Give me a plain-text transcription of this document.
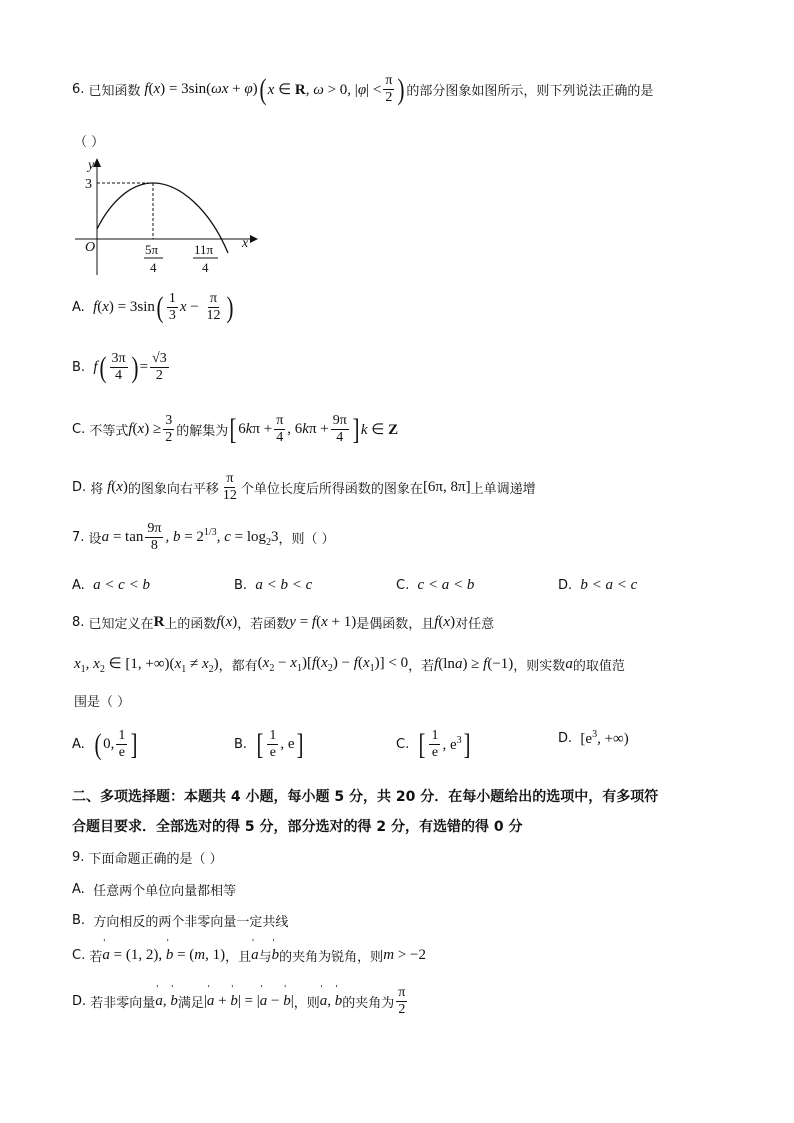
6.
已知函数 f(x) = 3sin(ωx + φ) ( x ∈ R, ω > 0, $|\varphi| < \frac{\pi}{2}$ ) 的部分图象如图所示，则下列说法正确的是
（ ）
y
x
O
3
5π
4
11π
4
A.
f(x) = 3sin ( $\frac{1}{3}$ $x - \frac{\pi}{12}$ )
B.
f ( $\frac{3\pi}{4}$ ) = $\frac{√3}{2}$
C.
不等式 $f(x) \ge \frac{3}{2}$ 的解集为 [ $6k\pi + \frac{\pi}{4}$ , $6k\pi + \frac{9\pi}{4}$ ] k ∈ Z
D.
将 f(x) 的图象向右平移 $\frac{\pi}{12}$ 个单位长度后所得函数的图象在 [6π, 8π] 上单调递增
7.
设 $a = \tan \frac{9\pi}{8}$ , $b = 2^{1/3}$, $c = \log_23$ ，则（ ）
A.
a < c < b	B.
a < b < c	C.
c < a < b	D.
b < a < c
8.
已知定义在 R 上的函数 f(x) ，若函数 y = f(x + 1) 是偶函数，且 f(x) 对任意
$x_1$, $x_2$ ∈ [1, $+\infty)(x_1 \ne x_2)$ ，都有 $(x_2 - x_1)[f(x_2) - f(x_1)] < 0$ ，若 f(lna) ≥ f(−1) ，则实数 a 的取值范
围是（ ）
A.
( 0, $\frac{1}{e}$ ]	B.
[ $\frac{1}{e}$ , e ]	C.
[ $\frac{1}{e}$ , $e^3$ ]	D.
[$e^3$, +∞)
二、多项选择题：本题共 4 小题，每小题 5 分，共 20 分．在每小题给出的选项中，有多项符
合题目要求．全部选对的得 5 分，部分选对的得 2 分，有选错的得 0 分
9.
下面命题正确的是（ ）
A.
任意两个单位向量都相等
B.
方向相反的两个非零向量一定共线
C.
若 ' a = (1, 2), ' b = (m, 1) ，且 ' a 与 ' b 的夹角为锐角，则 m > −2
D.
若非零向量 ' a, ' b 满足 |' a + ' b| = |' a − ' b| ，则 ' a, ' b 的夹角为 $\frac{\pi}{2}$
